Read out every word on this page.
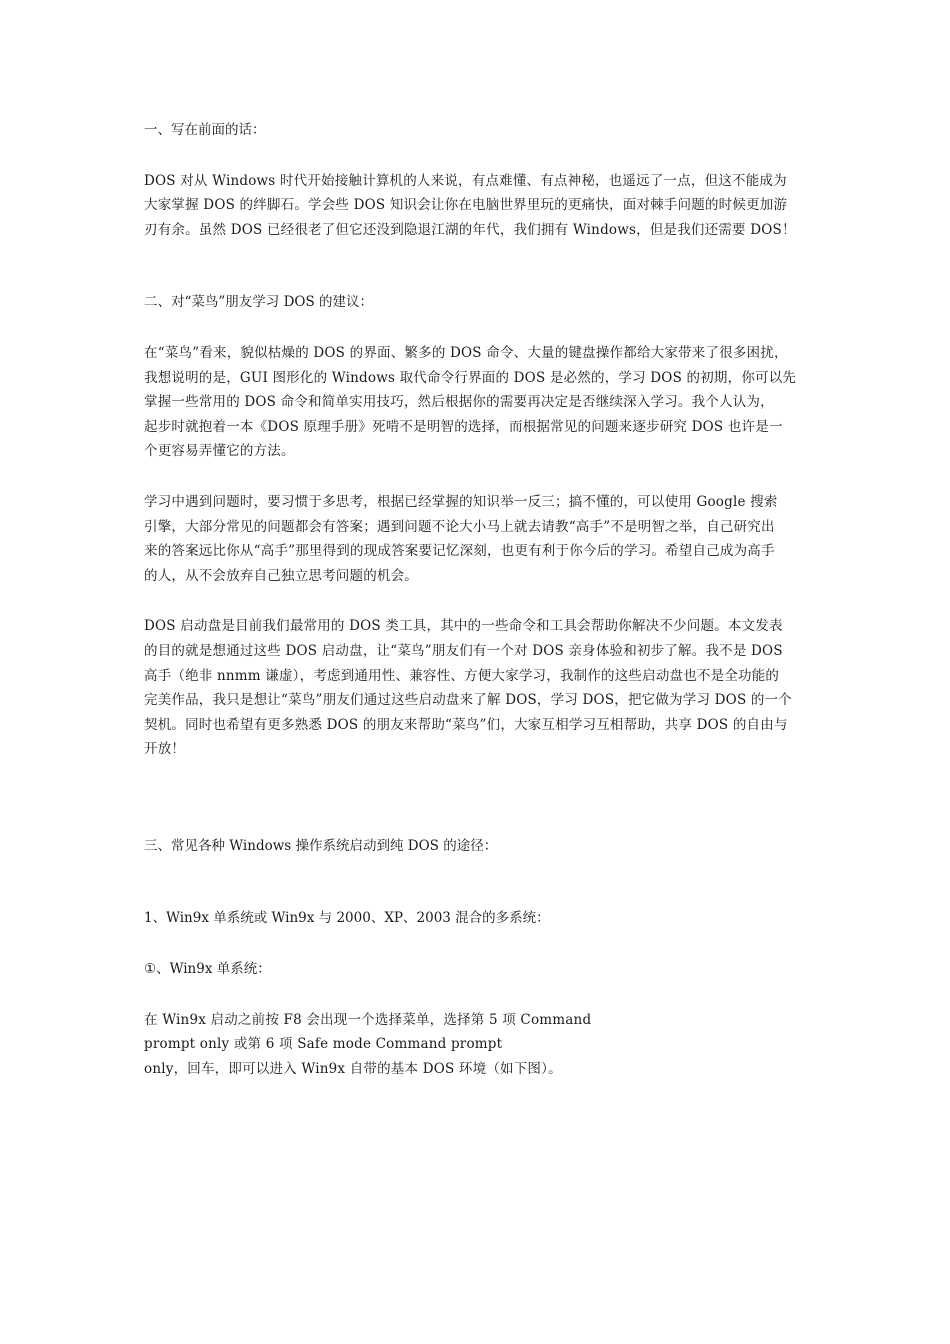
一、写在前面的话：

DOS 对从 Windows 时代开始接触计算机的人来说，有点难懂、有点神秘，也遥远了一点，但这不能成为
大家掌握 DOS 的绊脚石。学会些 DOS 知识会让你在电脑世界里玩的更痛快，面对棘手问题的时候更加游
刃有余。虽然 DOS 已经很老了但它还没到隐退江湖的年代，我们拥有 Windows，但是我们还需要 DOS！

二、对“菜鸟”朋友学习 DOS 的建议：

在“菜鸟”看来，貌似枯燥的 DOS 的界面、繁多的 DOS 命令、大量的键盘操作都给大家带来了很多困扰，
我想说明的是，GUI 图形化的 Windows 取代命令行界面的 DOS 是必然的，学习 DOS 的初期，你可以先
掌握一些常用的 DOS 命令和简单实用技巧，然后根据你的需要再决定是否继续深入学习。我个人认为，
起步时就抱着一本《DOS 原理手册》死啃不是明智的选择，而根据常见的问题来逐步研究 DOS 也许是一
个更容易弄懂它的方法。

学习中遇到问题时，要习惯于多思考，根据已经掌握的知识举一反三；搞不懂的，可以使用 Google 搜索
引擎，大部分常见的问题都会有答案；遇到问题不论大小马上就去请教“高手”不是明智之举，自己研究出
来的答案远比你从“高手”那里得到的现成答案要记忆深刻，也更有利于你今后的学习。希望自己成为高手
的人，从不会放弃自己独立思考问题的机会。

DOS 启动盘是目前我们最常用的 DOS 类工具，其中的一些命令和工具会帮助你解决不少问题。本文发表
的目的就是想通过这些 DOS 启动盘，让“菜鸟”朋友们有一个对 DOS 亲身体验和初步了解。我不是 DOS
高手（绝非 nnmm 谦虚），考虑到通用性、兼容性、方便大家学习，我制作的这些启动盘也不是全功能的
完美作品，我只是想让“菜鸟”朋友们通过这些启动盘来了解 DOS，学习 DOS，把它做为学习 DOS 的一个
契机。同时也希望有更多熟悉 DOS 的朋友来帮助“菜鸟”们，大家互相学习互相帮助，共享 DOS 的自由与
开放！

三、常见各种 Windows 操作系统启动到纯 DOS 的途径：

1、Win9x 单系统或 Win9x 与 2000、XP、2003 混合的多系统：

①、Win9x 单系统：

在 Win9x 启动之前按 F8 会出现一个选择菜单，选择第 5 项 Command
prompt only 或第 6 项 Safe mode Command prompt
only，回车，即可以进入 Win9x 自带的基本 DOS 环境（如下图）。
